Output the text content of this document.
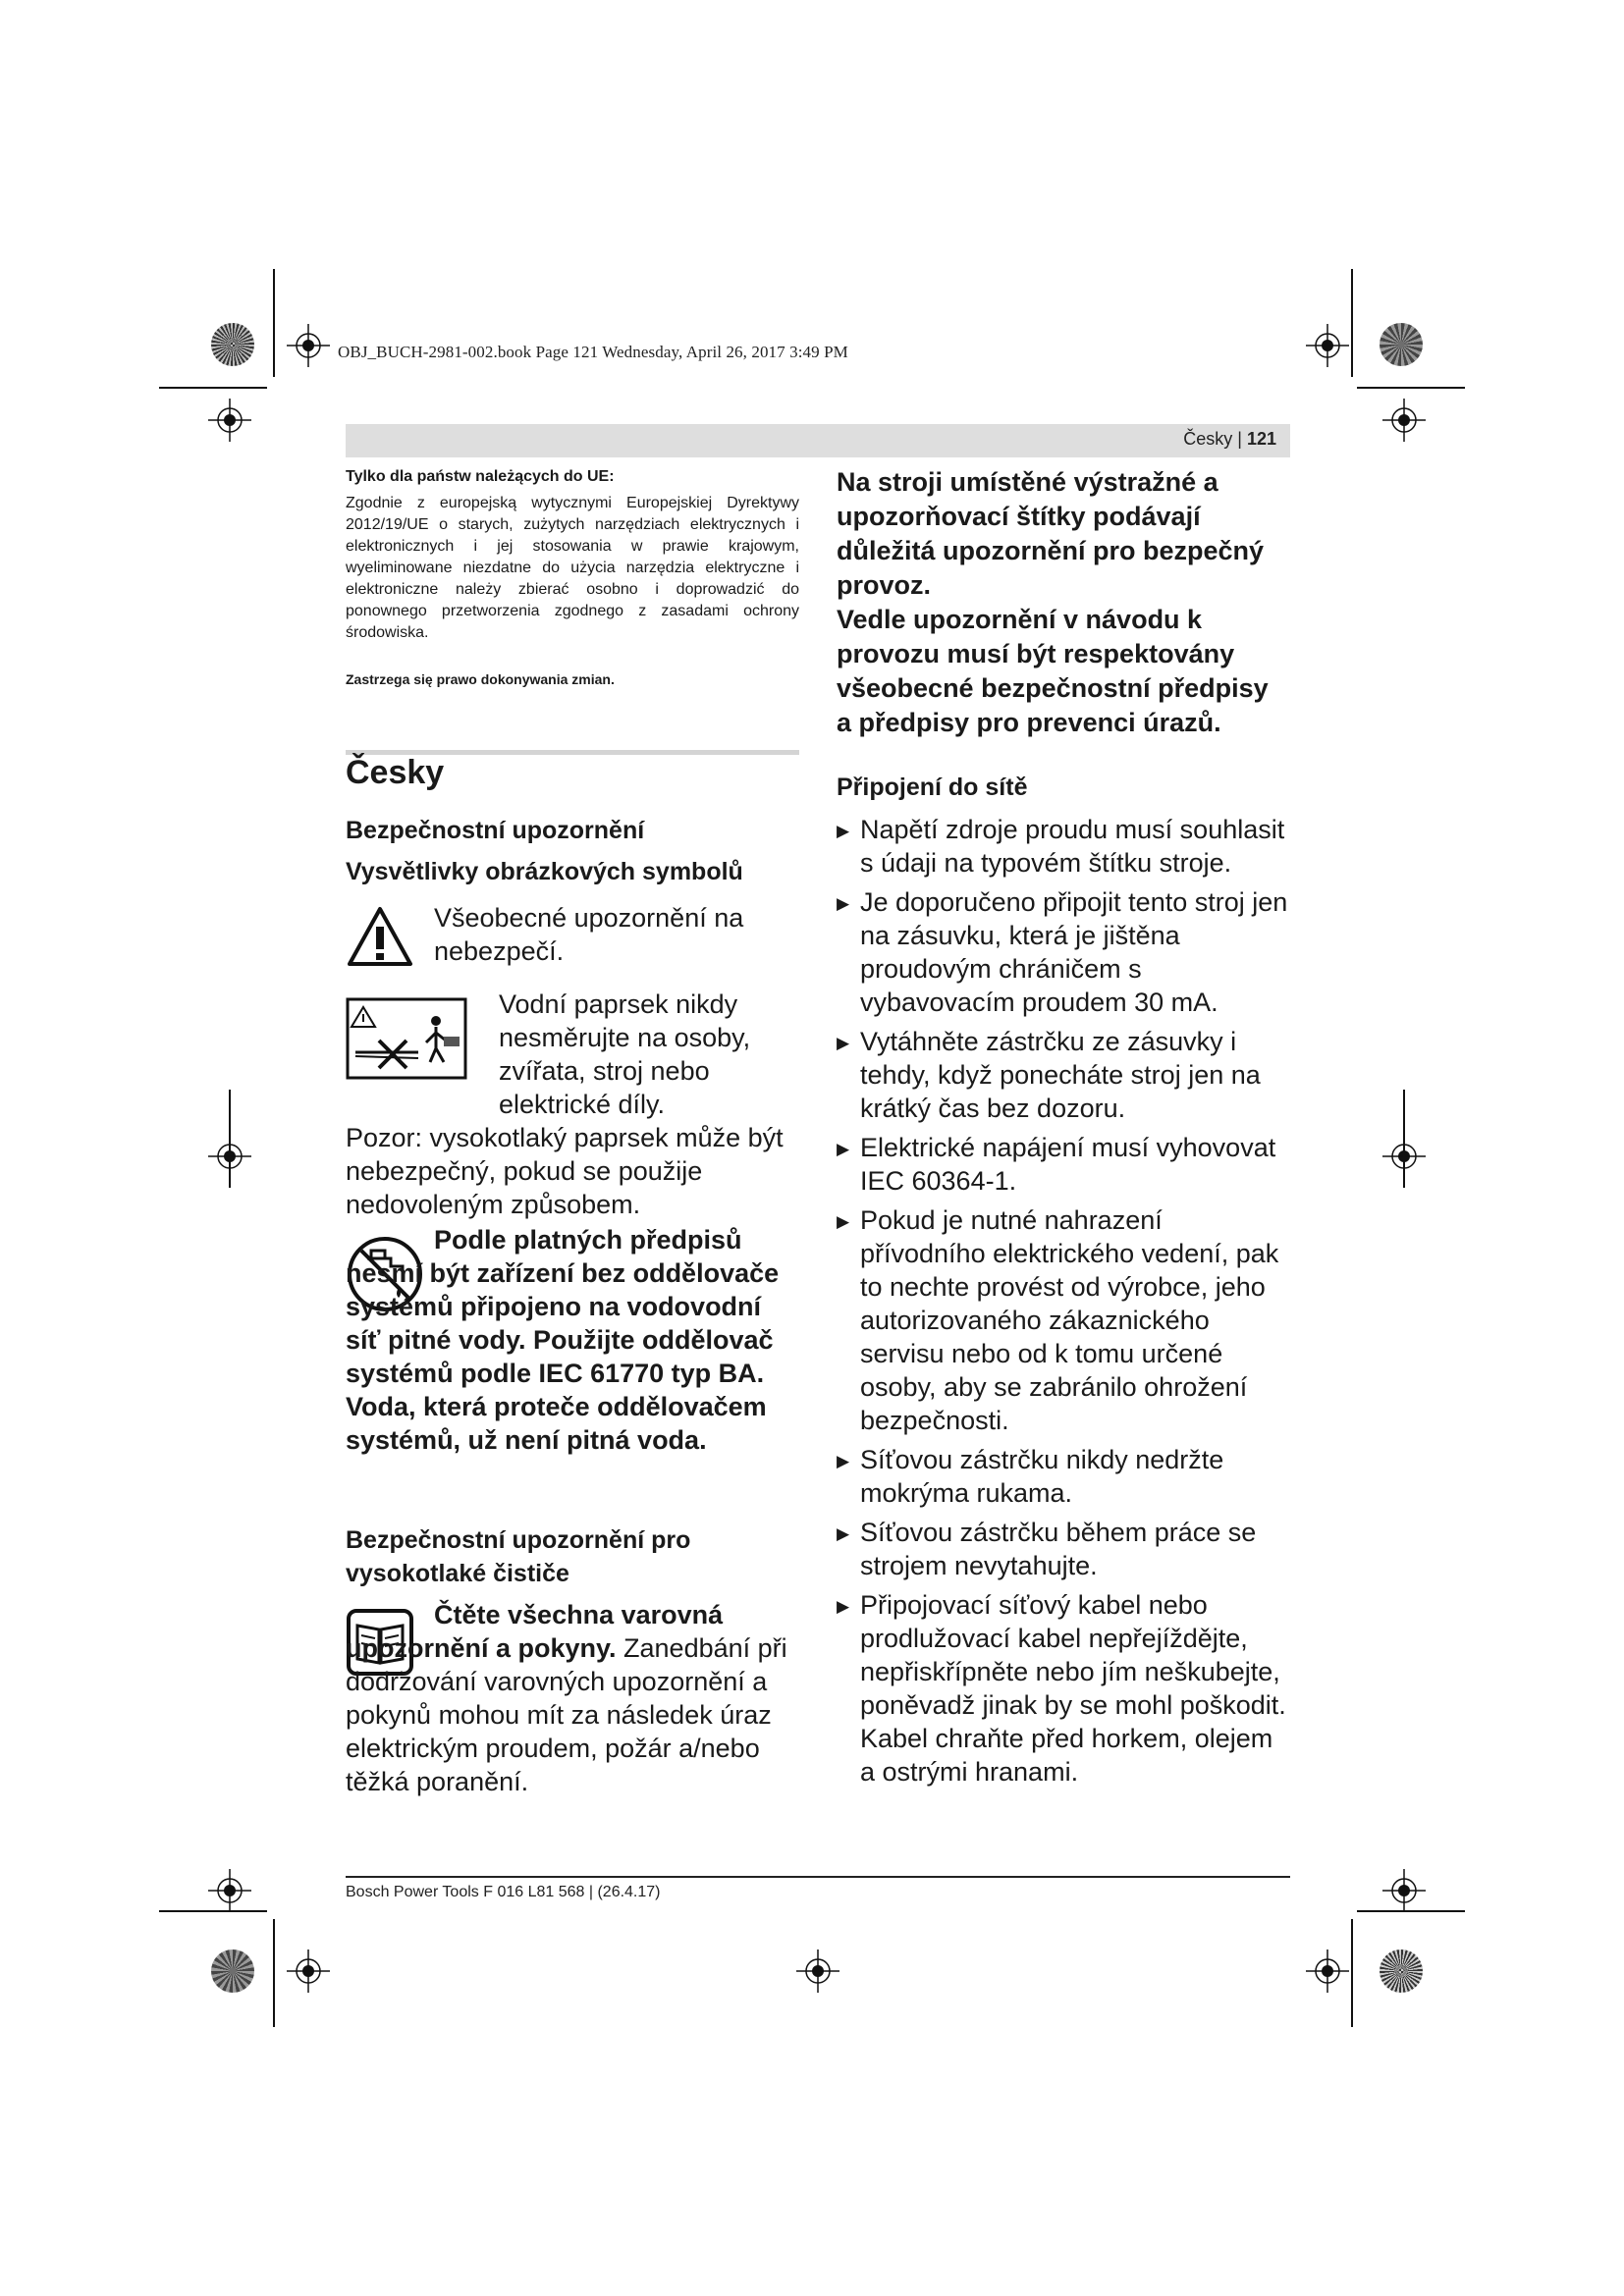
OBJ_BUCH-2981-002.book Page 121 Wednesday, April 26, 2017 3:49 PM
Česky | 121
Tylko dla państw należących do UE:
Zgodnie z europejską wytycznymi Europejskiej Dyrektywy 2012/19/UE o starych, zużytych narzędziach elektrycznych i elektronicznych i jej stosowania w prawie krajowym, wyeliminowane niezdatne do użycia narzędzia elektryczne i elektroniczne należy zbierać osobno i doprowadzić do ponownego przetworzenia zgodnego z zasadami ochrony środowiska.
Zastrzega się prawo dokonywania zmian.
Česky
Bezpečnostní upozornění
Vysvětlivky obrázkových symbolů
Všeobecné upozornění na nebezpečí.
Vodní paprsek nikdy nesměrujte na osoby, zvířata, stroj nebo elektrické díly.
Pozor: vysokotlaký paprsek může být nebezpečný, pokud se použije nedovoleným způsobem.
Podle platných předpisů nesmí být zařízení bez oddělovače systémů připojeno na vodovodní síť pitné vody. Použijte oddělovač systémů podle IEC 61770 typ BA. Voda, která proteče oddělovačem systémů, už není pitná voda.
Bezpečnostní upozornění pro vysokotlaké čističe
Čtěte všechna varovná upozornění a pokyny. Zanedbání při dodržování varovných upozornění a pokynů mohou mít za následek úraz elektrickým proudem, požár a/nebo těžká poranění.
Na stroji umístěné výstražné a upozorňovací štítky podávají důležitá upozornění pro bezpečný provoz.
Vedle upozornění v návodu k provozu musí být respektovány všeobecné bezpečnostní předpisy a předpisy pro prevenci úrazů.
Připojení do sítě
▶ Napětí zdroje proudu musí souhlasit s údaji na typovém štítku stroje.
▶ Je doporučeno připojit tento stroj jen na zásuvku, která je jištěna proudovým chráničem s vybavovacím proudem 30 mA.
▶ Vytáhněte zástrčku ze zásuvky i tehdy, když ponecháte stroj jen na krátký čas bez dozoru.
▶ Elektrické napájení musí vyhovovat IEC 60364-1.
▶ Pokud je nutné nahrazení přívodního elektrického vedení, pak to nechte provést od výrobce, jeho autorizovaného zákaznického servisu nebo od k tomu určené osoby, aby se zabránilo ohrožení bezpečnosti.
▶ Síťovou zástrčku nikdy nedržte mokrýma rukama.
▶ Síťovou zástrčku během práce se strojem nevytahujte.
▶ Připojovací síťový kabel nebo prodlužovací kabel nepřejíždějte, nepřiskřípněte nebo jím neškubejte, poněvadž jinak by se mohl poškodit. Kabel chraňte před horkem, olejem a ostrými hranami.
Bosch Power Tools F 016 L81 568 | (26.4.17)
